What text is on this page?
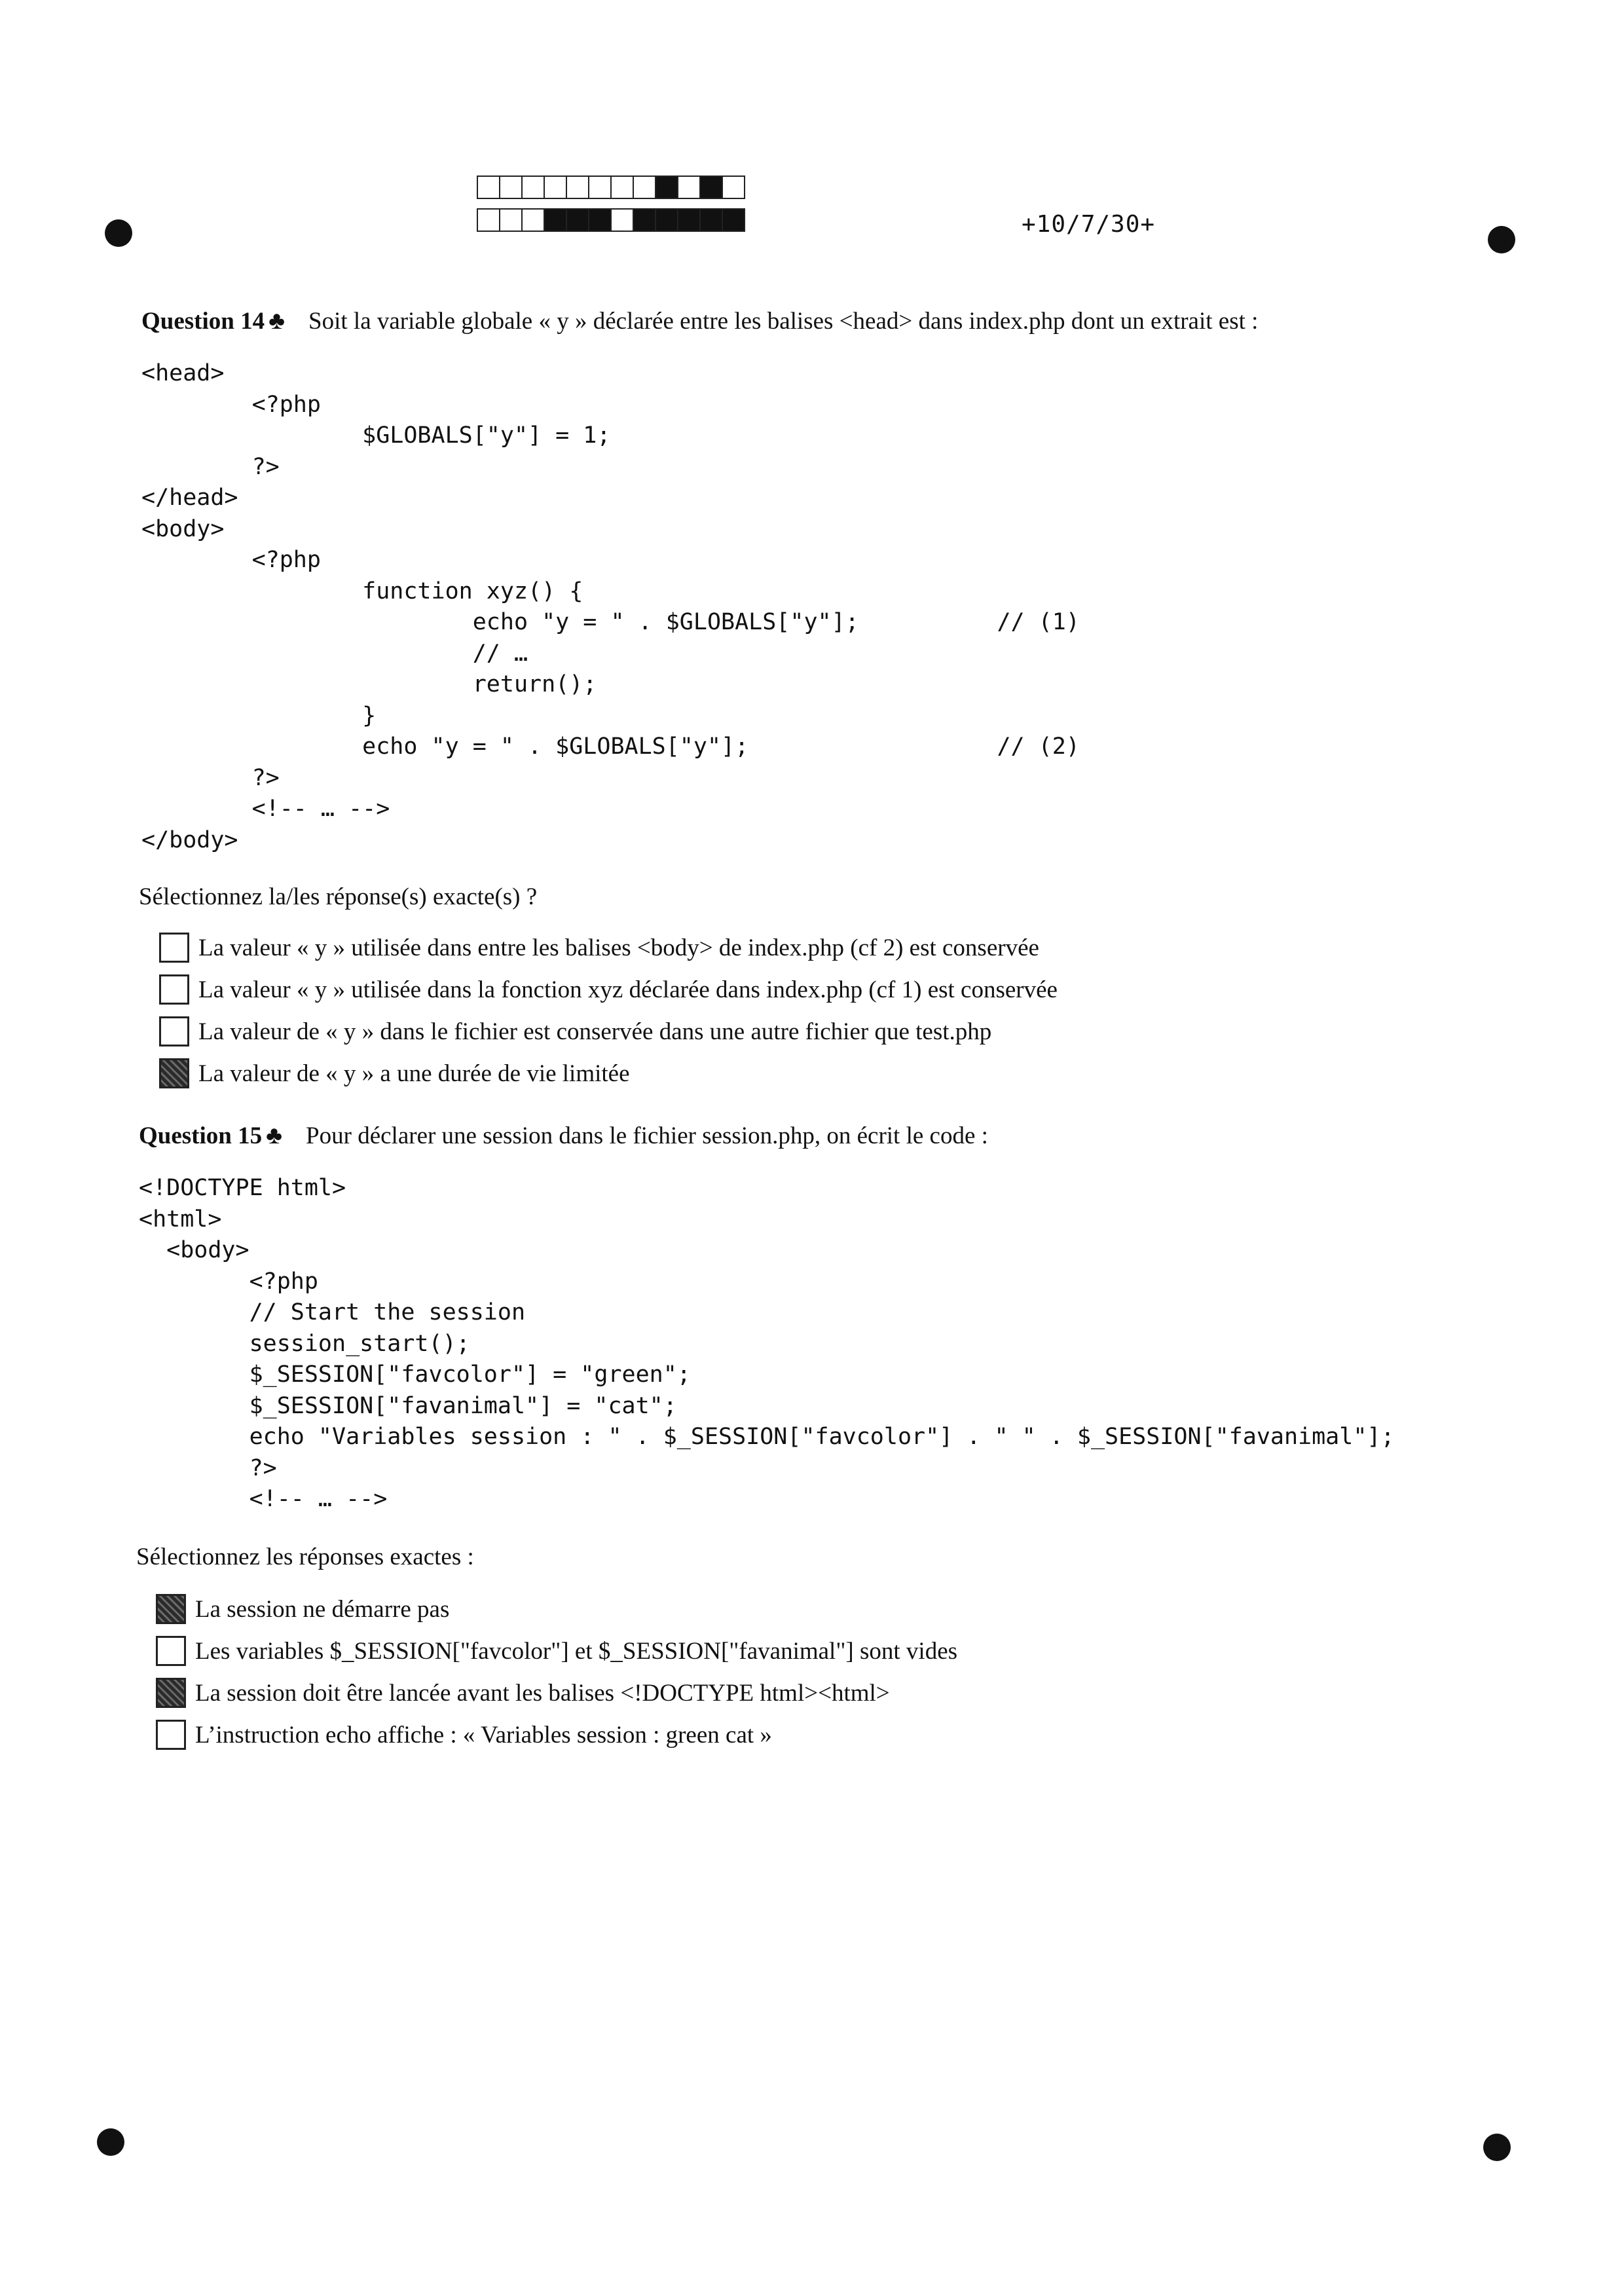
+10/7/30+
Question 14 ♣ Soit la variable globale « y » déclarée entre les balises <head> dans index.php dont un extrait est :
<head>
<?php
$GLOBALS["y"] = 1;
?>
</head>
<body>
<?php
function xyz() {
echo "y = " . $GLOBALS["y"];          // (1)
// …
return();
}
echo "y = " . $GLOBALS["y"];                  // (2)
?>
<!-- … -->
</body>
Sélectionnez la/les réponse(s) exacte(s) ?
La valeur « y » utilisée dans entre les balises <body> de index.php (cf 2) est conservée
La valeur « y » utilisée dans la fonction xyz déclarée dans index.php (cf 1) est conservée
La valeur de « y » dans le fichier est conservée dans une autre fichier que test.php
La valeur de « y » a une durée de vie limitée
Question 15 ♣ Pour déclarer une session dans le fichier session.php, on écrit le code :
<!DOCTYPE html>
<html>
<body>
<?php
// Start the session
session_start();
$_SESSION["favcolor"] = "green";
$_SESSION["favanimal"] = "cat";
echo "Variables session : " . $_SESSION["favcolor"] . " " . $_SESSION["favanimal"];
?>
<!-- … -->
Sélectionnez les réponses exactes :
La session ne démarre pas
Les variables $_SESSION["favcolor"] et $_SESSION["favanimal"] sont vides
La session doit être lancée avant les balises <!DOCTYPE html><html>
L’instruction echo affiche : « Variables session : green cat »
